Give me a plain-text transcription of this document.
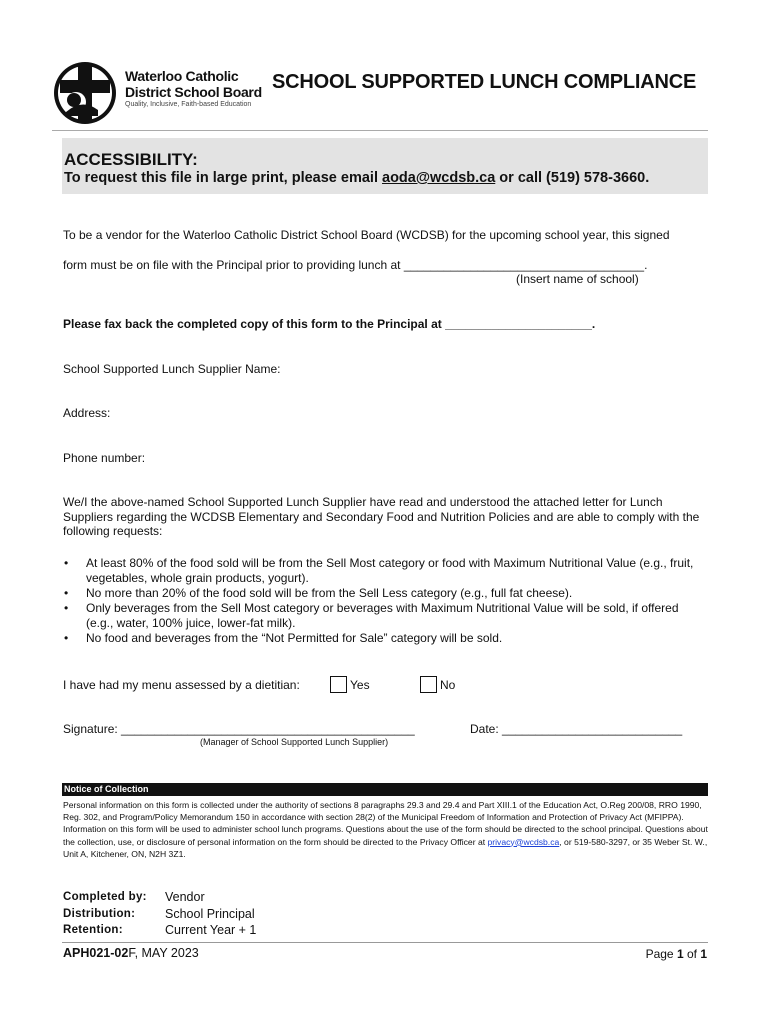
Waterloo Catholic
District School Board
Quality, Inclusive, Faith-based Education
SCHOOL SUPPORTED LUNCH COMPLIANCE
ACCESSIBILITY:
To request this file in large print, please email aoda@wcdsb.ca or call (519) 578-3660.
To be a vendor for the Waterloo Catholic District School Board (WCDSB) for the upcoming school year, this signed
form must be on file with the Principal prior to providing lunch at ____________________________________.
(Insert name of school)
Please fax back the completed copy of this form to the Principal at ______________________.
School Supported Lunch Supplier Name:
Address:
Phone number:
We/I the above-named School Supported Lunch Supplier have read and understood the attached letter for Lunch Suppliers regarding the WCDSB Elementary and Secondary Food and Nutrition Policies and are able to comply with the following requests:
• At least 80% of the food sold will be from the Sell Most category or food with Maximum Nutritional Value (e.g., fruit, vegetables, whole grain products, yogurt).
• No more than 20% of the food sold will be from the Sell Less category (e.g., full fat cheese).
• Only beverages from the Sell Most category or beverages with Maximum Nutritional Value will be sold, if offered (e.g., water, 100% juice, lower-fat milk).
• No food and beverages from the “Not Permitted for Sale” category will be sold.
I have had my menu assessed by a dietitian:	Yes	No
Signature: ____________________________________________
(Manager of School Supported Lunch Supplier)
Date: ___________________________
Notice of Collection
Personal information on this form is collected under the authority of sections 8 paragraphs 29.3 and 29.4 and Part XIII.1 of the Education Act, O.Reg 200/08, RRO 1990, Reg. 302, and Program/Policy Memorandum 150 in accordance with section 28(2) of the Municipal Freedom of Information and Protection of Privacy Act (MFIPPA). Information on this form will be used to administer school lunch programs. Questions about the use of the form should be directed to the school principal. Questions about the collection, use, or disclosure of personal information on the form should be directed to the Privacy Officer at privacy@wcdsb.ca, or 519-580-3297, or 35 Weber St. W., Unit A, Kitchener, ON, N2H 3Z1.
Completed by: Vendor
Distribution: School Principal
Retention:	Current Year + 1
APH021-02F, MAY 2023	Page 1 of 1
